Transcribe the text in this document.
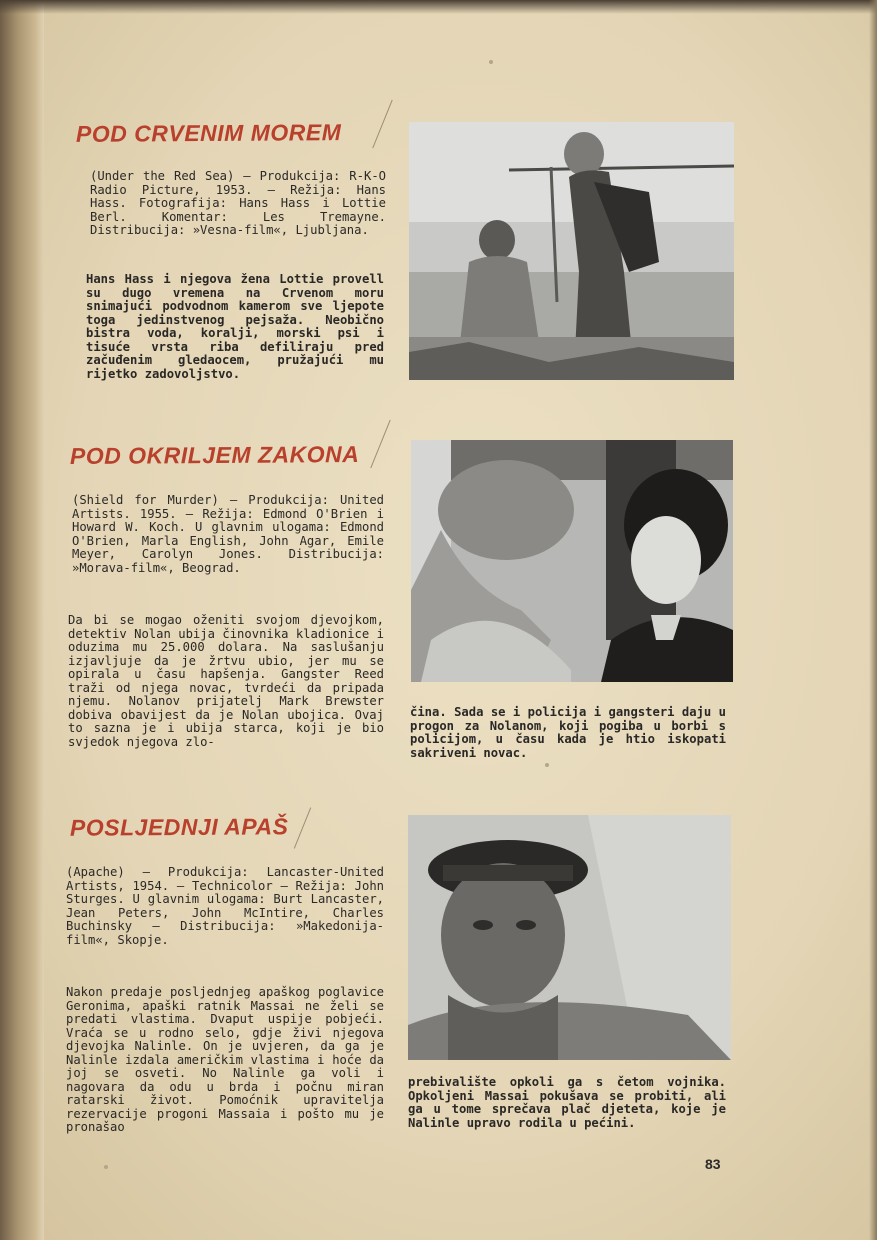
POD CRVENIM MOREM
(Under the Red Sea) — Produkcija: R-K-O Radio Picture, 1953. — Režija: Hans Hass. Fotografija: Hans Hass i Lottie Berl. Komentar: Les Tremayne. Distribucija: »Vesna-film«, Ljubljana.
Hans Hass i njegova žena Lottie provell su dugo vremena na Crvenom moru snimajući podvodnom kamerom sve ljepote toga jedinstvenog pejsaža. Neobično bistra voda, koralji, morski psi i tisuće vrsta riba defiliraju pred začuđenim gledaocem, pružajući mu rijetko zadovoljstvo.
POD OKRILJEM ZAKONA
(Shield for Murder) — Produkcija: United Artists. 1955. — Režija: Edmond O'Brien i Howard W. Koch. U glavnim ulogama: Edmond O'Brien, Marla English, John Agar, Emile Meyer, Carolyn Jones. Distribucija: »Morava-film«, Beograd.
Da bi se mogao oženiti svojom djevojkom, detektiv Nolan ubija činovnika kladionice i oduzima mu 25.000 dolara. Na saslušanju izjavljuje da je žrtvu ubio, jer mu se opirala u času hapšenja. Gangster Reed traži od njega novac, tvrdeći da pripada njemu. Nolanov prijatelj Mark Brewster dobiva obavijest da je Nolan ubojica. Ovaj to sazna je i ubija starca, koji je bio svjedok njegova zlo-
čina. Sada se i policija i gangsteri daju u progon za Nolanom, koji pogiba u borbi s policijom, u času kada je htio iskopati sakriveni novac.
POSLJEDNJI APAŠ
(Apache) — Produkcija: Lancaster-United Artists, 1954. — Technicolor — Režija: John Sturges. U glavnim ulogama: Burt Lancaster, Jean Peters, John McIntire, Charles Buchinsky — Distribucija: »Makedonija-film«, Skopje.
Nakon predaje posljednjeg apaškog poglavice Geronima, apaški ratnik Massai ne želi se predati vlastima. Dvaput uspije pobjeći. Vraća se u rodno selo, gdje živi njegova djevojka Nalinle. On je uvjeren, da ga je Nalinle izdala američkim vlastima i hoće da joj se osveti. No Nalinle ga voli i nagovara da odu u brda i počnu miran ratarski život. Pomoćnik upravitelja rezervacije progoni Massaia i pošto mu je pronašao
prebivalište opkoli ga s četom vojnika. Opkoljeni Massai pokušava se probiti, ali ga u tome sprečava plač djeteta, koje je Nalinle upravo rodila u pećini.
83
